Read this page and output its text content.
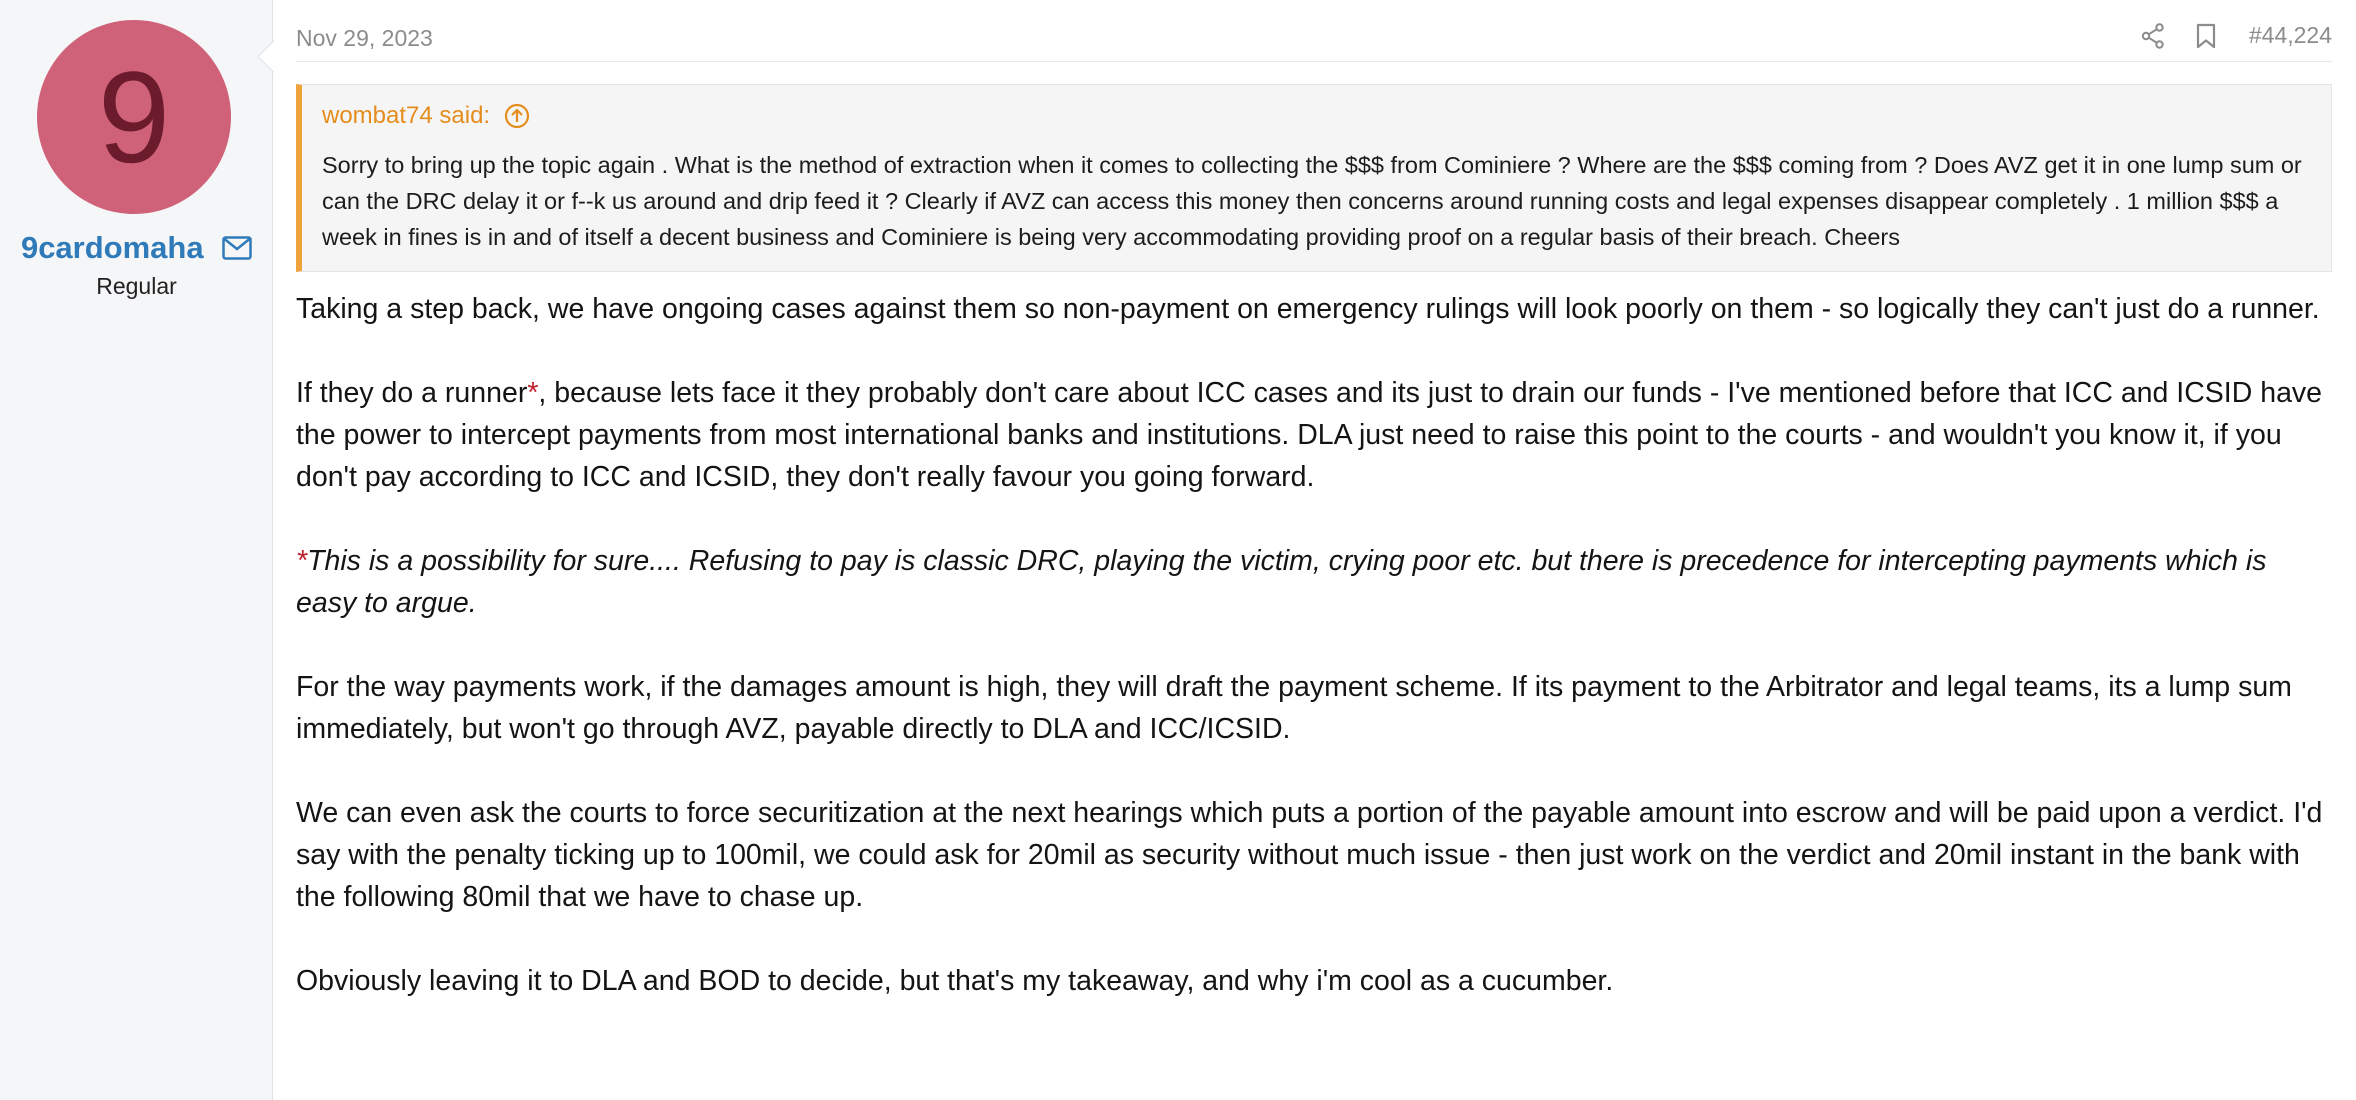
9
9cardomaha
Regular
Nov 29, 2023	#44,224
wombat74 said:
Sorry to bring up the topic again . What is the method of extraction when it comes to collecting the $$$ from Cominiere ? Where are the $$$ coming from ? Does AVZ get it in one lump sum or can the DRC delay it or f--k us around and drip feed it ? Clearly if AVZ can access this money then concerns around running costs and legal expenses disappear completely . 1 million $$$ a week in fines is in and of itself a decent business and Cominiere is being very accommodating providing proof on a regular basis of their breach. Cheers

Taking a step back, we have ongoing cases against them so non-payment on emergency rulings will look poorly on them - so logically they can't just do a runner.

If they do a runner*, because lets face it they probably don't care about ICC cases and its just to drain our funds - I've mentioned before that ICC and ICSID have the power to intercept payments from most international banks and institutions. DLA just need to raise this point to the courts - and wouldn't you know it, if you don't pay according to ICC and ICSID, they don't really favour you going forward.

*This is a possibility for sure.... Refusing to pay is classic DRC, playing the victim, crying poor etc. but there is precedence for intercepting payments which is easy to argue.

For the way payments work, if the damages amount is high, they will draft the payment scheme. If its payment to the Arbitrator and legal teams, its a lump sum immediately, but won't go through AVZ, payable directly to DLA and ICC/ICSID.

We can even ask the courts to force securitization at the next hearings which puts a portion of the payable amount into escrow and will be paid upon a verdict. I'd say with the penalty ticking up to 100mil, we could ask for 20mil as security without much issue - then just work on the verdict and 20mil instant in the bank with the following 80mil that we have to chase up.

Obviously leaving it to DLA and BOD to decide, but that's my takeaway, and why i'm cool as a cucumber.
